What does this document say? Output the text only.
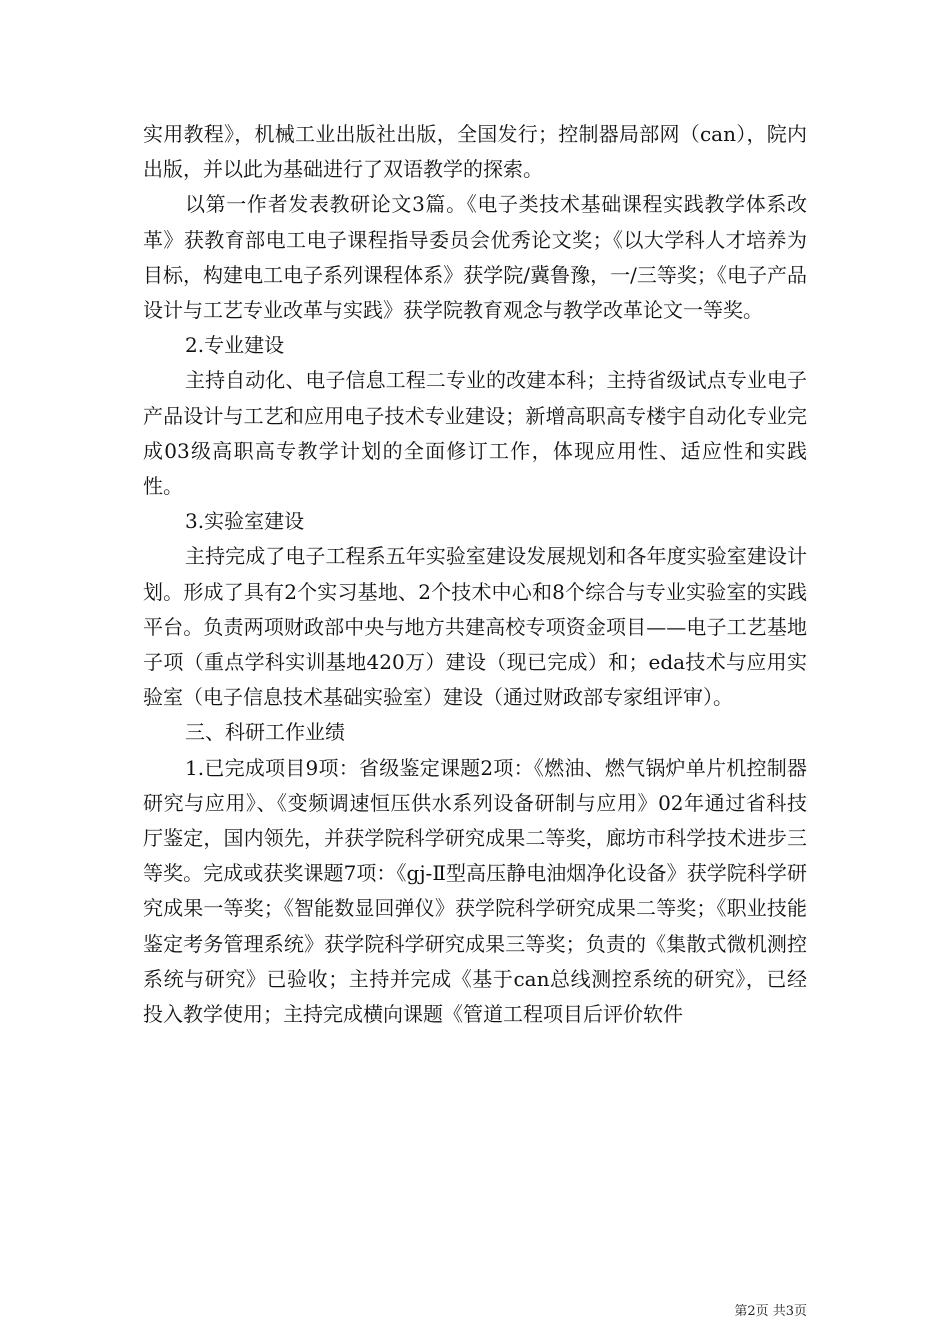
实用教程》，机械工业出版社出版，全国发行；控制器局部网（can），院内出版，并以此为基础进行了双语教学的探索。

以第一作者发表教研论文3篇。《电子类技术基础课程实践教学体系改革》获教育部电工电子课程指导委员会优秀论文奖；《以大学科人才培养为目标，构建电工电子系列课程体系》获学院/冀鲁豫，一/三等奖；《电子产品设计与工艺专业改革与实践》获学院教育观念与教学改革论文一等奖。

2.专业建设

主持自动化、电子信息工程二专业的改建本科；主持省级试点专业电子产品设计与工艺和应用电子技术专业建设；新增高职高专楼宇自动化专业完成03级高职高专教学计划的全面修订工作，体现应用性、适应性和实践性。

3.实验室建设

主持完成了电子工程系五年实验室建设发展规划和各年度实验室建设计划。形成了具有2个实习基地、2个技术中心和8个综合与专业实验室的实践平台。负责两项财政部中央与地方共建高校专项资金项目——电子工艺基地子项（重点学科实训基地420万）建设（现已完成）和；eda技术与应用实验室（电子信息技术基础实验室）建设（通过财政部专家组评审）。

三、科研工作业绩

1.已完成项目9项：省级鉴定课题2项：《燃油、燃气锅炉单片机控制器研究与应用》、《变频调速恒压供水系列设备研制与应用》02年通过省科技厅鉴定，国内领先，并获学院科学研究成果二等奖，廊坊市科学技术进步三等奖。完成或获奖课题7项：《gj-Ⅱ型高压静电油烟净化设备》获学院科学研究成果一等奖；《智能数显回弹仪》获学院科学研究成果二等奖；《职业技能鉴定考务管理系统》获学院科学研究成果三等奖；负责的《集散式微机测控系统与研究》已验收；主持并完成《基于can总线测控系统的研究》，已经投入教学使用；主持完成横向课题《管道工程项目后评价软件

第2页 共3页
